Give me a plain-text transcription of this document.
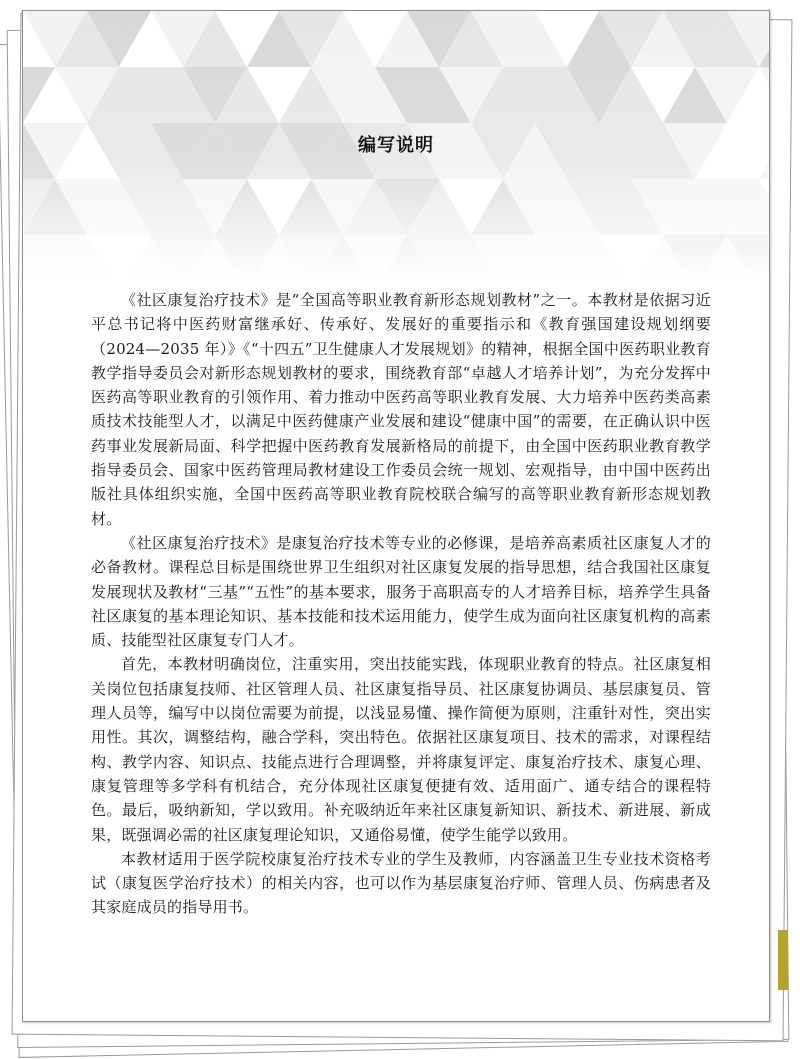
编写说明

《社区康复治疗技术》是“全国高等职业教育新形态规划教材”之一。本教材是依据习近平总书记将中医药财富继承好、传承好、发展好的重要指示和《教育强国建设规划纲要（2024—2035 年）》《“十四五”卫生健康人才发展规划》的精神，根据全国中医药职业教育教学指导委员会对新形态规划教材的要求，围绕教育部“卓越人才培养计划”，为充分发挥中医药高等职业教育的引领作用、着力推动中医药高等职业教育发展、大力培养中医药类高素质技术技能型人才，以满足中医药健康产业发展和建设“健康中国”的需要，在正确认识中医药事业发展新局面、科学把握中医药教育发展新格局的前提下，由全国中医药职业教育教学指导委员会、国家中医药管理局教材建设工作委员会统一规划、宏观指导，由中国中医药出版社具体组织实施，全国中医药高等职业教育院校联合编写的高等职业教育新形态规划教材。

《社区康复治疗技术》是康复治疗技术等专业的必修课，是培养高素质社区康复人才的必备教材。课程总目标是围绕世界卫生组织对社区康复发展的指导思想，结合我国社区康复发展现状及教材“三基”“五性”的基本要求，服务于高职高专的人才培养目标，培养学生具备社区康复的基本理论知识、基本技能和技术运用能力，使学生成为面向社区康复机构的高素质、技能型社区康复专门人才。

首先，本教材明确岗位，注重实用，突出技能实践，体现职业教育的特点。社区康复相关岗位包括康复技师、社区管理人员、社区康复指导员、社区康复协调员、基层康复员、管理人员等，编写中以岗位需要为前提，以浅显易懂、操作简便为原则，注重针对性，突出实用性。其次，调整结构，融合学科，突出特色。依据社区康复项目、技术的需求，对课程结构、教学内容、知识点、技能点进行合理调整，并将康复评定、康复治疗技术、康复心理、康复管理等多学科有机结合，充分体现社区康复便捷有效、适用面广、通专结合的课程特色。最后，吸纳新知，学以致用。补充吸纳近年来社区康复新知识、新技术、新进展、新成果，既强调必需的社区康复理论知识，又通俗易懂，使学生能学以致用。

本教材适用于医学院校康复治疗技术专业的学生及教师，内容涵盖卫生专业技术资格考试（康复医学治疗技术）的相关内容，也可以作为基层康复治疗师、管理人员、伤病患者及其家庭成员的指导用书。
